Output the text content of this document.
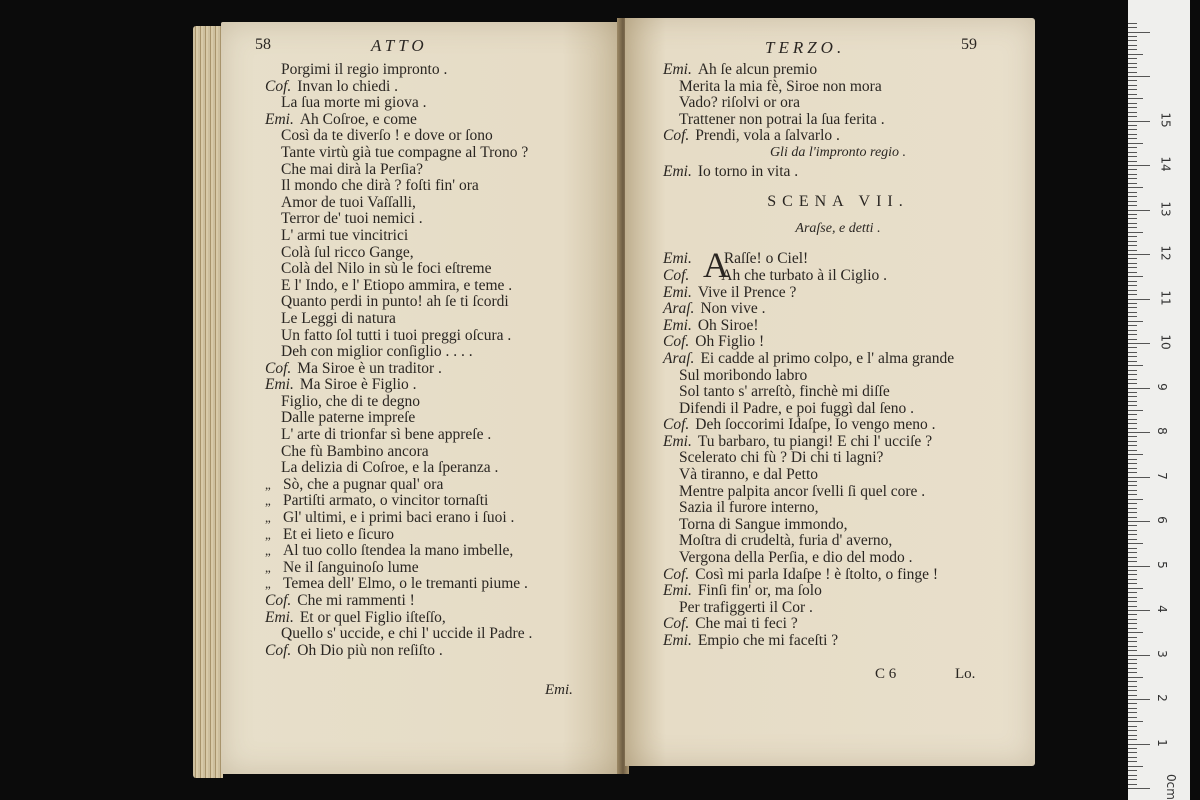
58	ATTO
Porgimi il regio impronto .
Cof. Invan lo chiedi .
La ſua morte mi giova .
Emi. Ah Coſroe, e come
Così da te diverſo ! e dove or ſono
Tante virtù già tue compagne al Trono ?
Che mai dirà la Perſia?
Il mondo che dirà ? foſti fin' ora
Amor de tuoi Vaſſalli,
Terror de' tuoi nemici .
L' armi tue vincitrici
Colà ſul ricco Gange,
Colà del Nilo in sù le foci eſtreme
E l' Indo, e l' Etiopo ammira, e teme .
Quanto perdi in punto! ah ſe ti ſcordi
Le Leggi di natura
Un fatto ſol tutti i tuoi preggi oſcura .
Deh con miglior conſiglio . . . .
Cof. Ma Siroe è un traditor .
Emi. Ma Siroe è Figlio .
Figlio, che di te degno
Dalle paterne impreſe
L' arte di trionfar sì bene appreſe .
Che fù Bambino ancora
La delizia di Coſroe, e la ſperanza .
„ Sò, che a pugnar qual' ora
„ Partiſti armato, o vincitor tornaſti
„ Gl' ultimi, e i primi baci erano i ſuoi .
„ Et ei lieto e ſicuro
„ Al tuo collo ſtendea la mano imbelle,
„ Ne il ſanguinoſo lume
„ Temea dell' Elmo, o le tremanti piume .
Cof. Che mi rammenti !
Emi. Et or quel Figlio iſteſſo,
Quello s' uccide, e chi l' uccide il Padre .
Cof. Oh Dio più non reſiſto .
Emi.
TERZO.	59
Emi. Ah ſe alcun premio
Merita la mia fè, Siroe non mora
Vado? riſolvi or ora
Trattener non potrai la ſua ferita .
Cof. Prendi, vola a ſalvarlo .
Gli da l'impronto regio .
Emi. Io torno in vita .
SCENA VII.
Araſse, e detti .
A
Emi. Raſſe! o Ciel!
Cof. Ah che turbato à il Ciglio .
Emi. Vive il Prence ?
Araſ. Non vive .
Emi. Oh Siroe!
Cof. Oh Figlio !
Araſ. Ei cadde al primo colpo, e l' alma grande
Sul moribondo labro
Sol tanto s' arreſtò, finchè mi diſſe
Difendi il Padre, e poi fuggì dal ſeno .
Cof. Deh ſoccorimi Idaſpe, Io vengo meno .
Emi. Tu barbaro, tu piangi! E chi l' ucciſe ?
Scelerato chi fù ? Di chi ti lagni?
Và tiranno, e dal Petto
Mentre palpita ancor ſvelli ſi quel core .
Sazia il furore interno,
Torna di Sangue immondo,
Moſtra di crudeltà, furia d' averno,
Vergona della Perſia, e dio del modo .
Cof. Così mi parla Idaſpe ! è ſtolto, o finge !
Emi. Finſi fin' or, ma ſolo
Per trafiggerti il Cor .
Cof. Che mai ti feci ?
Emi. Empio che mi faceſti ?
C 6	Lo.
0cm
1
2
3
4
5
6
7
8
9
10
11
12
13
14
15
